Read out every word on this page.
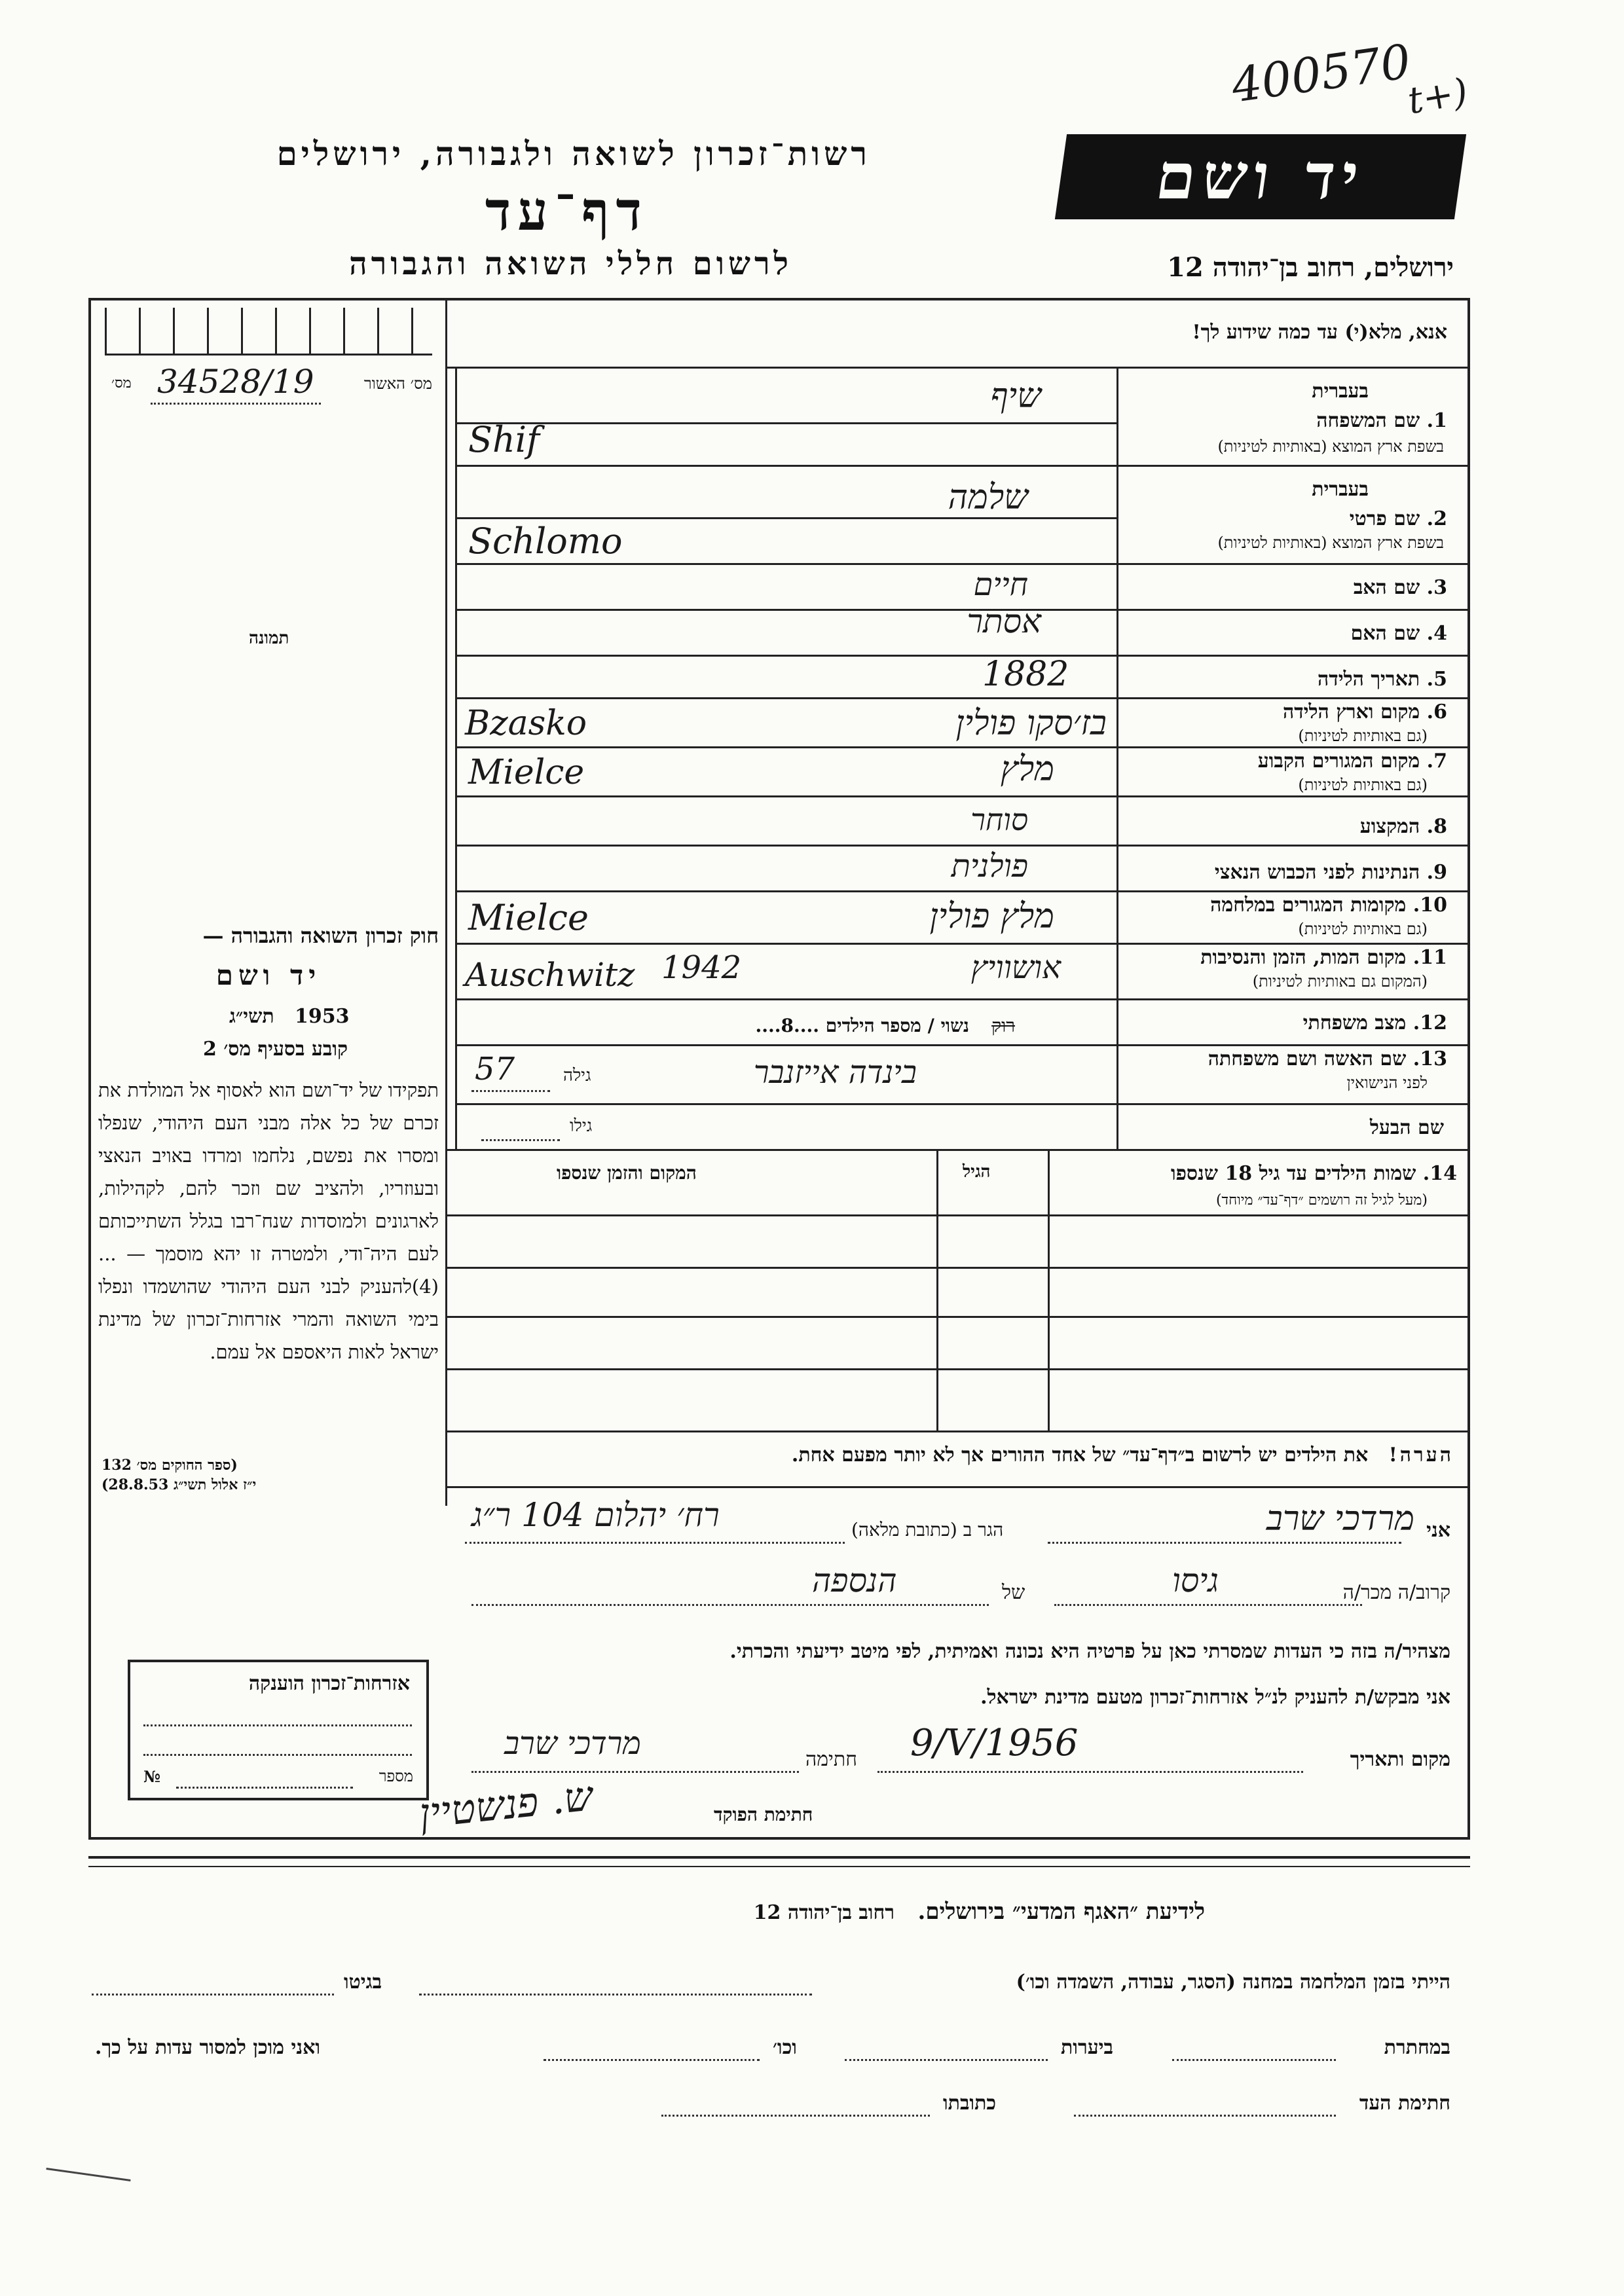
400570
t+)
רשות־זכרון לשואה ולגבורה, ירושלים
דף־עד
לרשום חללי השואה והגבורה
יד ושם
ירושלים, רחוב בן־יהודה 12
34528/19	מס׳ האשור
מס׳
תמונה
אנא, מלא(י) עד כמה שידוע לך!
בעברית
1. שם המשפחה
בשפת ארץ המוצא (באותיות לטיניות)
שיף
Shif
בעברית
2. שם פרטי
בשפת ארץ המוצא (באותיות לטיניות)
שלמה
Schlomo
3. שם האב
חיים
4. שם האם
אסתר
5. תאריך הלידה
1882
6. מקום וארץ הלידה
(גם באותיות לטיניות)
בז׳סקו פולין
Bzasko
7. מקום המגורים הקבוע
(גם באותיות לטיניות)
מלץ
Mielce
8. המקצוע
סוחר
9. הנתינות לפני הכבוש הנאצי
פולנית
10. מקומות המגורים במלחמה
(גם באותיות לטיניות)
מלץ פולין
Mielce
11. מקום המות, הזמן והנסיבות
(המקום גם באותיות לטיניות)
אושוויץ
1942
Auschwitz
12. מצב משפחתי
רוק
נשוי / מספר הילדים ....8....
13. שם האשה ושם משפחתה
לפני הנישואין
בינדה אייזנבר
גילה
57
שם הבעל
גילו
14. שמות הילדים עד גיל 18 שנספו
(מעל לגיל זה רושמים ״דף־עד״ מיוחד)
הגיל
המקום והזמן שנספו
הערה!   את הילדים יש לרשום ב״דף־עד״ של אחד ההורים אך לא יותר מפעם אחת.
חוק זכרון השואה והגבורה —
יד ושם
תשי״ג 1953
קובע בסעיף מס׳ 2
תפקידו של יד־ושם הוא לאסוף אל המולדת את זכרם של כל אלה מבני העם היהודי, שנפלו ומסרו את נפשם, נלחמו ומרדו באויב הנאצי ובעוזריו, ולהציב שם וזכר להם, לקהילות, לארגונים ולמוסדות שנח־רבו בגלל השתייכותם לעם היה־ודי, ולמטרה זו יהא מוסמך — ...(4)להעניק לבני העם היהודי שהושמדו ונפלו בימי השואה והמרי אזרחות־זכרון של מדינת ישראל לאות היאספם אל עמם.
(ספר החוקים מס׳ 132
י״ז אלול תשי״ג 28.8.53)
אני
מרדכי שרב
הגר ב (כתובת מלאה)
רח׳ יהלום 104 ר״ג
קרוב/ה מכר/ה
גיסו
של
הנספה
מצהיר/ה בזה כי העדות שמסרתי כאן על פרטיה היא נכונה ואמיתית, לפי מיטב ידיעתי והכרתי.
אני מבקש/ת להעניק לנ״ל אזרחות־זכרון מטעם מדינת ישראל.
מקום ותאריך
9/V/1956
חתימה
מרדכי שרב
חתימת הפוקד
ש. פנשטיין
אזרחות־זכרון הוענקה
מספר
№
לידיעת ״האגף המדעי״ בירושלים.   רחוב בן־יהודה 12
הייתי בזמן המלחמה במחנה (הסגר, עבודה, השמדה וכו׳)
בגיטו
במחתרת
ביערות
וכו׳
ואני מוכן למסור עדות על כך.
חתימת העד
כתובתו
